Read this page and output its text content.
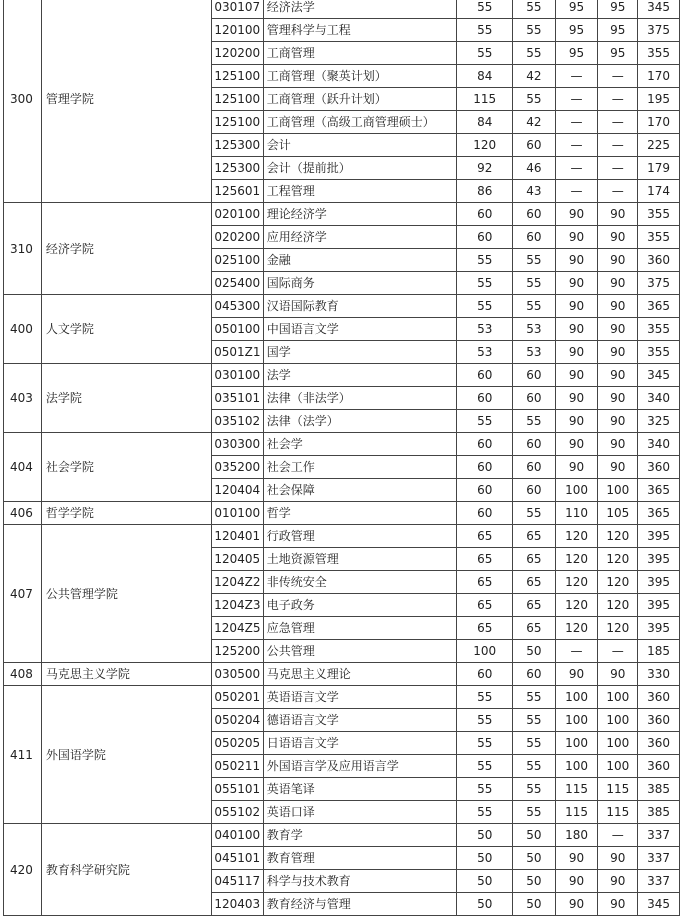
300	管理学院	030107	经济法学	55	55	95	95	345
		120100	管理科学与工程	55	55	95	95	375
		120200	工商管理	55	55	95	95	355
		125100	工商管理（聚英计划）	84	42	—	—	170
		125100	工商管理（跃升计划）	115	55	—	—	195
		125100	工商管理（高级工商管理硕士）	84	42	—	—	170
		125300	会计	120	60	—	—	225
		125300	会计（提前批）	92	46	—	—	179
		125601	工程管理	86	43	—	—	174
310	经济学院	020100	理论经济学	60	60	90	90	355
		020200	应用经济学	60	60	90	90	355
		025100	金融	55	55	90	90	360
		025400	国际商务	55	55	90	90	375
400	人文学院	045300	汉语国际教育	55	55	90	90	365
		050100	中国语言文学	53	53	90	90	355
		0501Z1	国学	53	53	90	90	355
403	法学院	030100	法学	60	60	90	90	345
		035101	法律（非法学）	60	60	90	90	340
		035102	法律（法学）	55	55	90	90	325
404	社会学院	030300	社会学	60	60	90	90	340
		035200	社会工作	60	60	90	90	360
		120404	社会保障	60	60	100	100	365
406	哲学学院	010100	哲学	60	55	110	105	365
407	公共管理学院	120401	行政管理	65	65	120	120	395
		120405	土地资源管理	65	65	120	120	395
		1204Z2	非传统安全	65	65	120	120	395
		1204Z3	电子政务	65	65	120	120	395
		1204Z5	应急管理	65	65	120	120	395
		125200	公共管理	100	50	—	—	185
408	马克思主义学院	030500	马克思主义理论	60	60	90	90	330
411	外国语学院	050201	英语语言文学	55	55	100	100	360
		050204	德语语言文学	55	55	100	100	360
		050205	日语语言文学	55	55	100	100	360
		050211	外国语言学及应用语言学	55	55	100	100	360
		055101	英语笔译	55	55	115	115	385
		055102	英语口译	55	55	115	115	385
420	教育科学研究院	040100	教育学	50	50	180	—	337
		045101	教育管理	50	50	90	90	337
		045117	科学与技术教育	50	50	90	90	337
		120403	教育经济与管理	50	50	90	90	345
